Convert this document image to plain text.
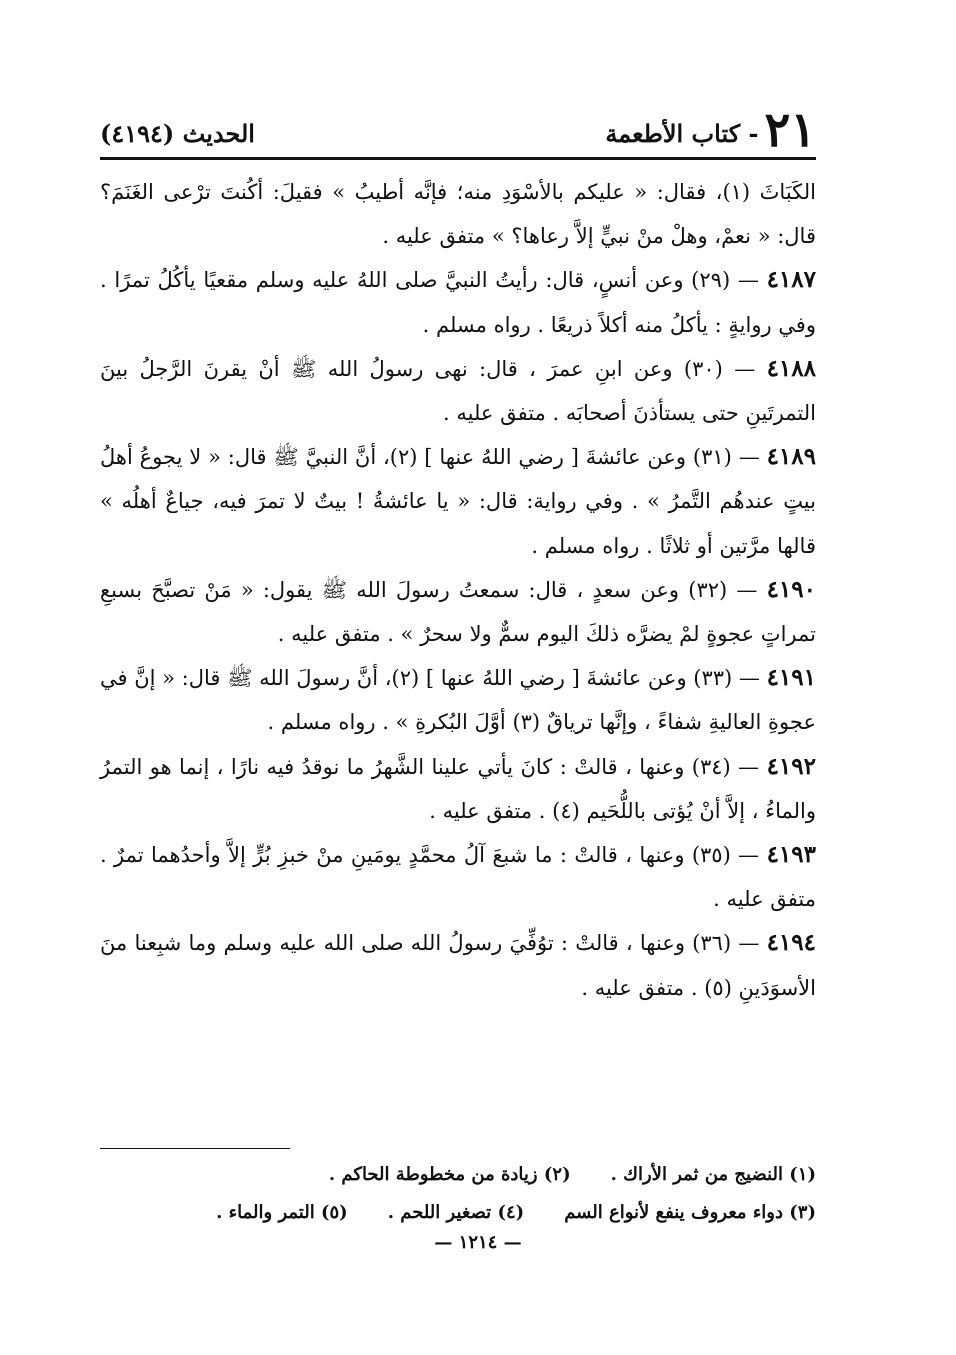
٢١
- كتاب الأطعمة
الحديث (٤١٩٤)

الكَبَاثَ (١)، فقال: « عليكم بالأسْوَدِ منه؛ فإنَّه أطيبُ » فقيلَ: أكُنتَ ترْعى الغَنَمَ؟ قال: « نعمْ، وهلْ منْ نبيٍّ إلاَّ رعاها؟ » متفق عليه .

٤١٨٧ — (٢٩) وعن أنسٍ، قال: رأيتُ النبيَّ صلى اللهُ عليه وسلم مقعيًا يأكُلُ تمرًا . وفي روايةٍ : يأكلُ منه أكلاً ذريعًا . رواه مسلم .

٤١٨٨ — (٣٠) وعن ابنِ عمرَ ، قال: نهى رسولُ الله ﷺ أنْ يقرنَ الرَّجلُ بينَ التمرتَينِ حتى يستأذنَ أصحابَه . متفق عليه .

٤١٨٩ — (٣١) وعن عائشةَ [ رضي اللهُ عنها ] (٢)، أنَّ النبيَّ ﷺ قال: « لا يجوعُ أهلُ بيتٍ عندهُم التَّمرُ » . وفي رواية: قال: « يا عائشةُ ! بيتٌ لا تمرَ فيه، جياعٌ أهلُه » قالها مرَّتين أو ثلاثًا . رواه مسلم .

٤١٩٠ — (٣٢) وعن سعدٍ ، قال: سمعتُ رسولَ الله ﷺ يقول: « مَنْ تصبَّحَ بسبعِ تمراتٍ عجوةٍ لمْ يضرَّه ذلكَ اليوم سمٌّ ولا سحرٌ » . متفق عليه .

٤١٩١ — (٣٣) وعن عائشةَ [ رضي اللهُ عنها ] (٢)، أنَّ رسولَ الله ﷺ قال: « إنَّ في عجوةِ العاليةِ شفاءً ، وإنَّها ترياقٌ (٣) أوَّلَ البُكرةِ » . رواه مسلم .

٤١٩٢ — (٣٤) وعنها ، قالتْ : كانَ يأتي علينا الشَّهرُ ما نوقدُ فيه نارًا ، إنما هو التمرُ والماءُ ، إلاَّ أنْ يُؤتى باللُّحَيم (٤) . متفق عليه .

٤١٩٣ — (٣٥) وعنها ، قالتْ : ما شبعَ آلُ محمَّدٍ يومَينِ منْ خبزِ بُرٍّ إلاَّ وأحدُهما تمرٌ . متفق عليه .

٤١٩٤ — (٣٦) وعنها ، قالتْ : توُفِّيَ رسولُ الله صلى الله عليه وسلم وما شبِعنا منَ الأسوَدَينِ (٥) . متفق عليه .

(١) النضيج من ثمر الأراك .
(٢) زيادة من مخطوطة الحاكم .
(٣) دواء معروف ينفع لأنواع السم
(٤) تصغير اللحم .
(٥) التمر والماء .
— ١٢١٤ —
